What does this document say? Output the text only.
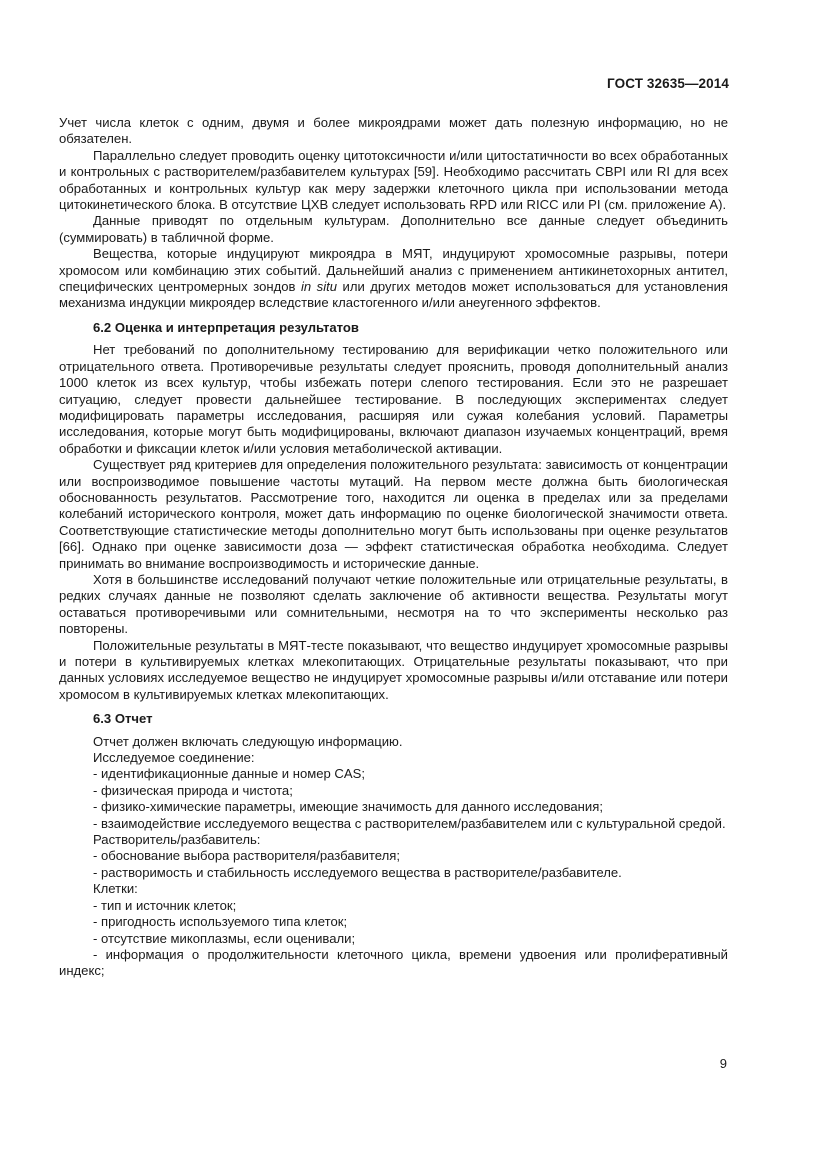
ГОСТ 32635—2014

Учет числа клеток с одним, двумя и более микроядрами может дать полезную информацию, но не обязателен.

Параллельно следует проводить оценку цитотоксичности и/или цитостатичности во всех обработанных и контрольных с растворителем/разбавителем культурах [59]. Необходимо рассчитать CBPI или RI для всех обработанных и контрольных культур как меру задержки клеточного цикла при использовании метода цитокинетического блока. В отсутствие ЦХВ следует использовать RPD или RICC или PI (см. приложение А).

Данные приводят по отдельным культурам. Дополнительно все данные следует объединить (суммировать) в табличной форме.

Вещества, которые индуцируют микроядра в МЯТ, индуцируют хромосомные разрывы, потери хромосом или комбинацию этих событий. Дальнейший анализ с применением антикинетохорных антител, специфических центромерных зондов in situ или других методов может использоваться для установления механизма индукции микроядер вследствие кластогенного и/или анеугенного эффектов.

6.2 Оценка и интерпретация результатов

Нет требований по дополнительному тестированию для верификации четко положительного или отрицательного ответа. Противоречивые результаты следует прояснить, проводя дополнительный анализ 1000 клеток из всех культур, чтобы избежать потери слепого тестирования. Если это не разрешает ситуацию, следует провести дальнейшее тестирование. В последующих экспериментах следует модифицировать параметры исследования, расширяя или сужая колебания условий. Параметры исследования, которые могут быть модифицированы, включают диапазон изучаемых концентраций, время обработки и фиксации клеток и/или условия метаболической активации.

Существует ряд критериев для определения положительного результата: зависимость от концентрации или воспроизводимое повышение частоты мутаций. На первом месте должна быть биологическая обоснованность результатов. Рассмотрение того, находится ли оценка в пределах или за пределами колебаний исторического контроля, может дать информацию по оценке биологической значимости ответа. Соответствующие статистические методы дополнительно могут быть использованы при оценке результатов [66]. Однако при оценке зависимости доза — эффект статистическая обработка необходима. Следует принимать во внимание воспроизводимость и исторические данные.

Хотя в большинстве исследований получают четкие положительные или отрицательные результаты, в редких случаях данные не позволяют сделать заключение об активности вещества. Результаты могут оставаться противоречивыми или сомнительными, несмотря на то что эксперименты несколько раз повторены.

Положительные результаты в МЯТ-тесте показывают, что вещество индуцирует хромосомные разрывы и потери в культивируемых клетках млекопитающих. Отрицательные результаты показывают, что при данных условиях исследуемое вещество не индуцирует хромосомные разрывы и/или отставание или потери хромосом в культивируемых клетках млекопитающих.

6.3 Отчет

Отчет должен включать следующую информацию.

Исследуемое соединение:

- идентификационные данные и номер CAS;

- физическая природа и чистота;

- физико-химические параметры, имеющие значимость для данного исследования;

- взаимодействие исследуемого вещества с растворителем/разбавителем или с культуральной средой.

Растворитель/разбавитель:

- обоснование выбора растворителя/разбавителя;

- растворимость и стабильность исследуемого вещества в растворителе/разбавителе.

Клетки:

- тип и источник клеток;

- пригодность используемого типа клеток;

- отсутствие микоплазмы, если оценивали;

- информация о продолжительности клеточного цикла, времени удвоения или пролиферативный индекс;

9
